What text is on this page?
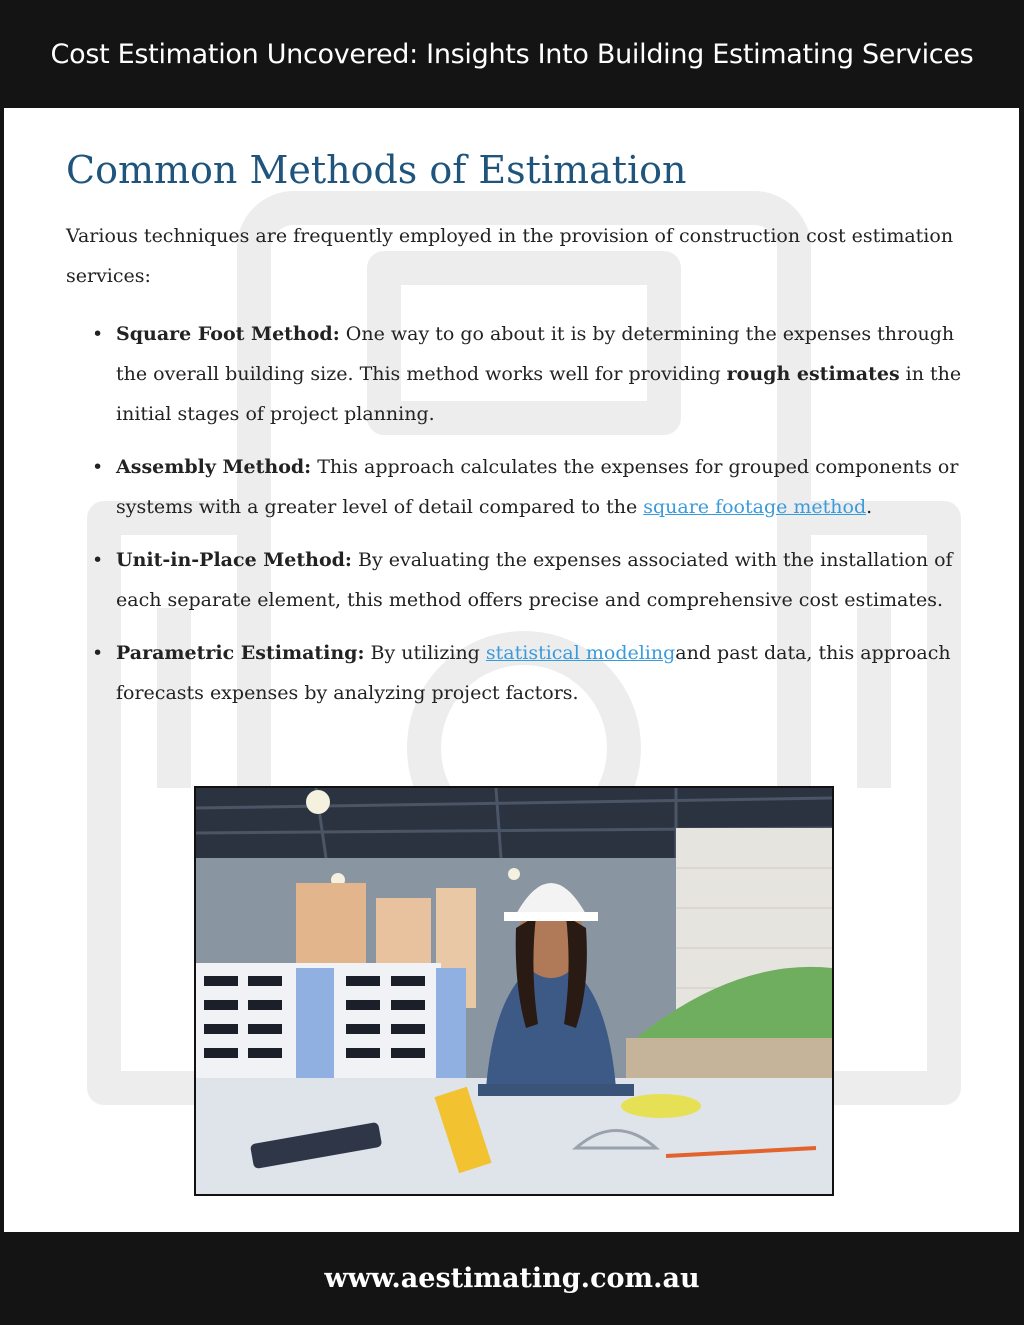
Cost Estimation Uncovered: Insights Into Building Estimating Services
Common Methods of Estimation

Various techniques are frequently employed in the provision of construction cost estimation services:

• Square Foot Method: One way to go about it is by determining the expenses through the overall building size. This method works well for providing rough estimates in the initial stages of project planning.
• Assembly Method: This approach calculates the expenses for grouped components or systems with a greater level of detail compared to the square footage method.
• Unit-in-Place Method: By evaluating the expenses associated with the installation of each separate element, this method offers precise and comprehensive cost estimates.
• Parametric Estimating: By utilizing statistical modelingand past data, this approach forecasts expenses by analyzing project factors.
www.aestimating.com.au
